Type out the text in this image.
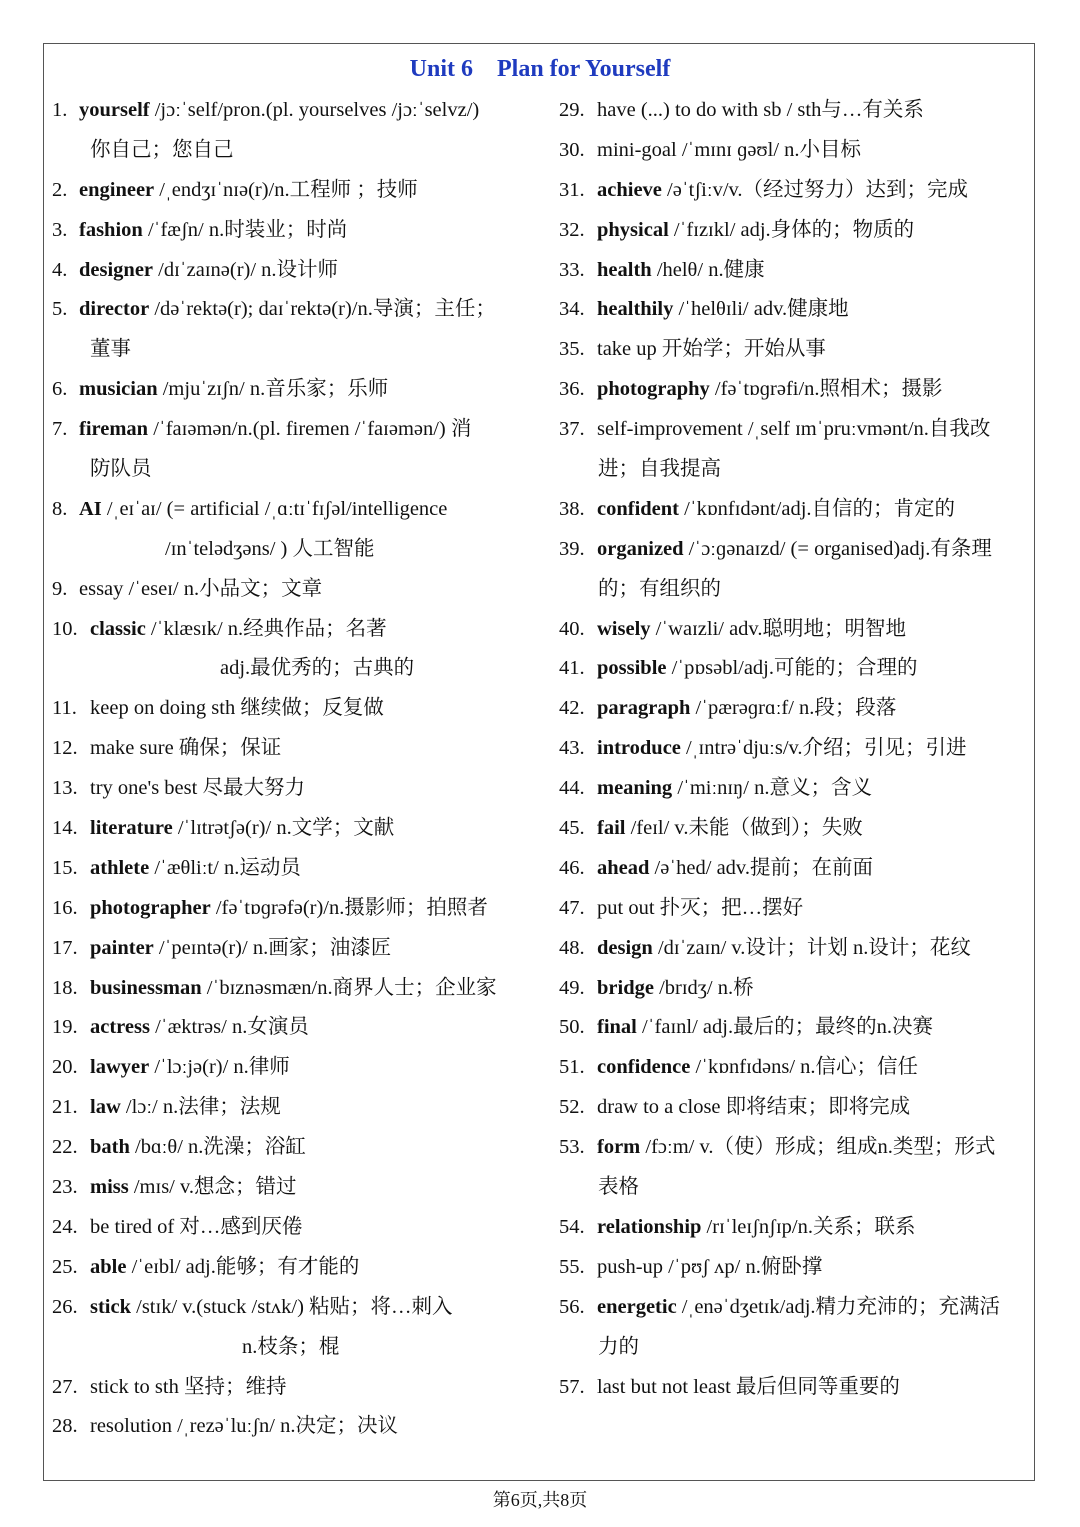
Unit 6    Plan for Yourself
1. yourself /jɔːˈself/pron.(pl. yourselves /jɔːˈselvz/)
你自己；您自己
2. engineer /ˌendʒɪˈnɪə(r)/n.工程师 ；技师
3. fashion /ˈfæʃn/ n.时装业；时尚
4. designer /dɪˈzaɪnə(r)/ n.设计师
5. director /dəˈrektə(r); daɪˈrektə(r)/n.导演；主任；
董事
6. musician /mjuˈzɪʃn/ n.音乐家；乐师
7. fireman /ˈfaɪəmən/n.(pl. firemen /ˈfaɪəmən/) 消
防队员
8. AI /ˌeɪˈaɪ/ (= artificial /ˌɑːtɪˈfɪʃəl/intelligence
/ɪnˈtelədʒəns/ ) 人工智能
9. essay /ˈeseɪ/ n.小品文；文章
10. classic /ˈklæsɪk/ n.经典作品；名著
adj.最优秀的；古典的
11. keep on doing sth 继续做；反复做
12. make sure 确保；保证
13. try one's best 尽最大努力
14. literature /ˈlɪtrətʃə(r)/ n.文学；文献
15. athlete /ˈæθliːt/ n.运动员
16. photographer /fəˈtɒɡrəfə(r)/n.摄影师；拍照者
17. painter /ˈpeɪntə(r)/ n.画家；油漆匠
18. businessman /ˈbɪznəsmæn/n.商界人士；企业家
19. actress /ˈæktrəs/ n.女演员
20. lawyer /ˈlɔːjə(r)/ n.律师
21. law /lɔː/ n.法律；法规
22. bath /bɑːθ/ n.洗澡；浴缸
23. miss /mɪs/ v.想念；错过
24. be tired of 对…感到厌倦
25. able /ˈeɪbl/ adj.能够；有才能的
26. stick /stɪk/ v.(stuck /stʌk/) 粘贴；将…刺入
n.枝条；棍
27. stick to sth 坚持；维持
28. resolution /ˌrezəˈluːʃn/ n.决定；决议
29. have (...) to do with sb / sth与…有关系
30. mini-goal /ˈmɪnɪ ɡəʊl/ n.小目标
31. achieve /əˈtʃiːv/v.（经过努力）达到；完成
32. physical /ˈfɪzɪkl/ adj.身体的；物质的
33. health /helθ/ n.健康
34. healthily /ˈhelθɪli/ adv.健康地
35. take up 开始学；开始从事
36. photography /fəˈtɒɡrəfi/n.照相术；摄影
37. self-improvement /ˌself ɪmˈpruːvmənt/n.自我改
进；自我提高
38. confident /ˈkɒnfɪdənt/adj.自信的；肯定的
39. organized /ˈɔːɡənaɪzd/ (= organised)adj.有条理
的；有组织的
40. wisely /ˈwaɪzli/ adv.聪明地；明智地
41. possible /ˈpɒsəbl/adj.可能的；合理的
42. paragraph /ˈpærəɡrɑːf/ n.段；段落
43. introduce /ˌɪntrəˈdjuːs/v.介绍；引见；引进
44. meaning /ˈmiːnɪŋ/ n.意义；含义
45. fail /feɪl/ v.未能（做到）；失败
46. ahead /əˈhed/ adv.提前；在前面
47. put out 扑灭；把…摆好
48. design /dɪˈzaɪn/ v.设计；计划 n.设计；花纹
49. bridge /brɪdʒ/ n.桥
50. final /ˈfaɪnl/ adj.最后的；最终的n.决赛
51. confidence /ˈkɒnfɪdəns/ n.信心；信任
52. draw to a close 即将结束；即将完成
53. form /fɔːm/ v.（使）形成；组成n.类型；形式
表格
54. relationship /rɪˈleɪʃnʃɪp/n.关系；联系
55. push-up /ˈpʊʃ ʌp/ n.俯卧撑
56. energetic /ˌenəˈdʒetɪk/adj.精力充沛的；充满活
力的
57. last but not least 最后但同等重要的
第6页,共8页
